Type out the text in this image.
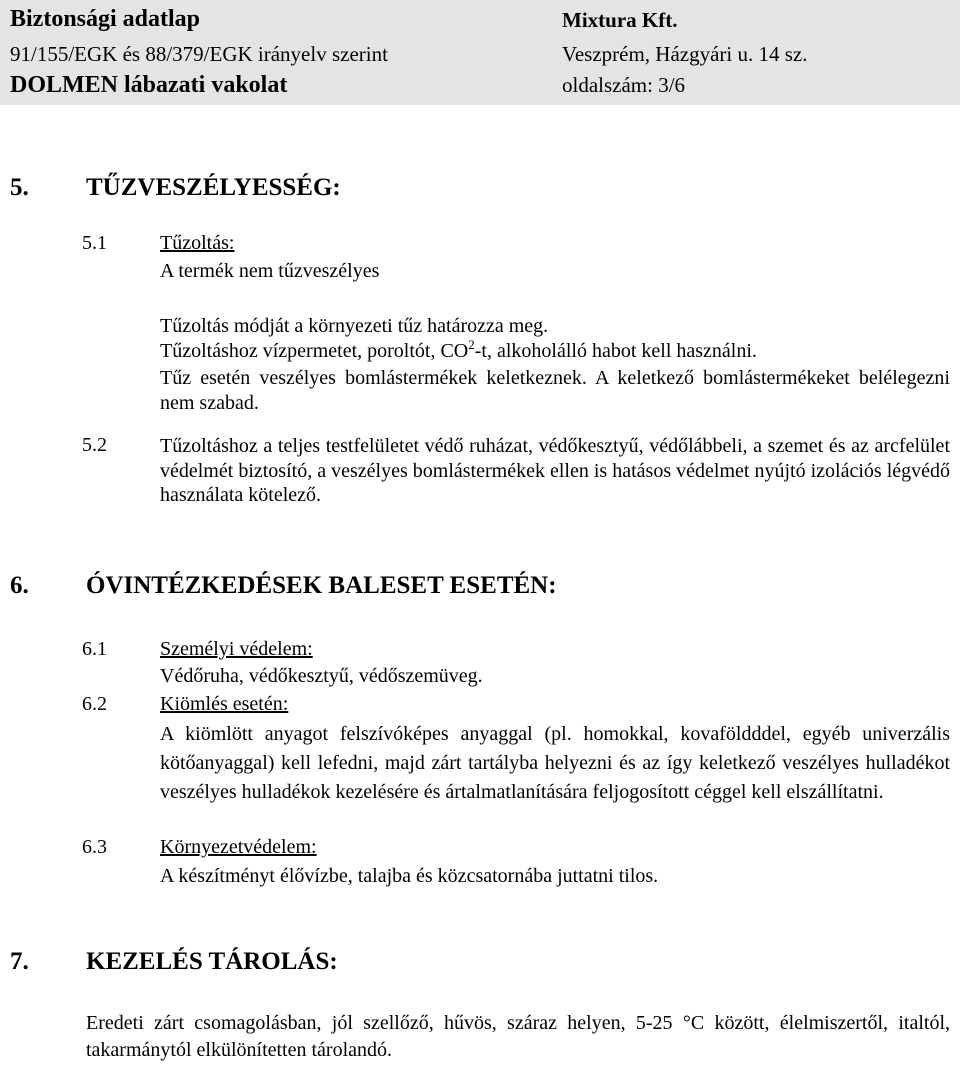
Biztonsági adatlap	Mixtura Kft.
91/155/EGK és 88/379/EGK irányelv szerint	Veszprém, Házgyári u. 14 sz.
DOLMEN lábazati vakolat	oldalszám: 3/6
5. TŰZVESZÉLYESSÉG:
5.1	Tűzoltás:
A termék nem tűzveszélyes
Tűzoltás módját a környezeti tűz határozza meg.
Tűzoltáshoz vízpermetet, poroltót, $CO^2-t$, alkoholálló habot kell használni.
Tűz esetén veszélyes bomlástermékek keletkeznek. A keletkező bomlástermékeket belélegezni nem szabad.
5.2	Tűzoltáshoz a teljes testfelületet védő ruházat, védőkesztyű, védőlábbeli, a szemet és az arcfelület védelmét biztosító, a veszélyes bomlástermékek ellen is hatásos védelmet nyújtó izolációs légvédő használata kötelező.
6. ÓVINTÉZKEDÉSEK BALESET ESETÉN:
6.1	Személyi védelem:
Védőruha, védőkesztyű, védőszemüveg.
6.2	Kiömlés esetén:
A kiömlött anyagot felszívóképes anyaggal (pl. homokkal, kovaföldddel, egyéb univerzális kötőanyaggal) kell lefedni, majd zárt tartályba helyezni és az így keletkező veszélyes hulladékot veszélyes hulladékok kezelésére és ártalmatlanítására feljogosított céggel kell elszállítatni.
6.3	Környezetvédelem:
A készítményt élővízbe, talajba és közcsatornába juttatni tilos.
7. KEZELÉS TÁROLÁS:
Eredeti zárt csomagolásban, jól szellőző, hűvös, száraz helyen, 5-25 °C között, élelmiszertől, italtól, takarmánytól elkülönítetten tárolandó.
